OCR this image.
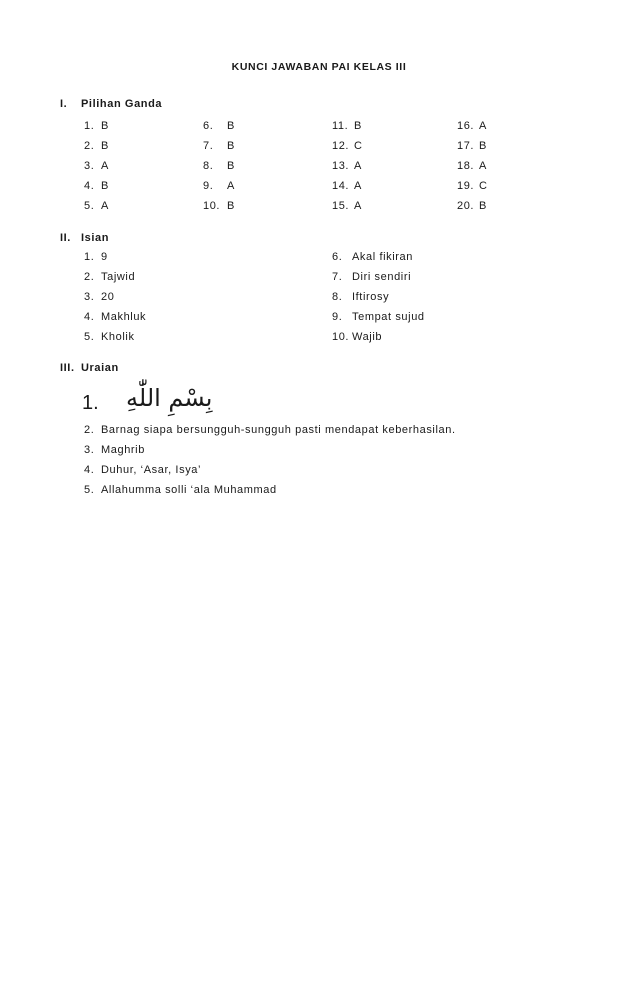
KUNCI JAWABAN PAI KELAS III
I. Pilihan Ganda
1. B
2. B
3. A
4. B
5. A
6. B
7. B
8. B
9. A
10. B
11. B
12. C
13. A
14. A
15. A
16. A
17. B
18. A
19. C
20. B
II. Isian
1. 9
2. Tajwid
3. 20
4. Makhluk
5. Kholik
6. Akal fikiran
7. Diri sendiri
8. Iftirosy
9. Tempat sujud
10. Wajib
III. Uraian
1. بِسْمِ اللّٰهِ
2. Barnag siapa bersungguh-sungguh pasti mendapat keberhasilan.
3. Maghrib
4. Duhur, ‘Asar, Isya’
5. Allahumma solli ‘ala Muhammad
